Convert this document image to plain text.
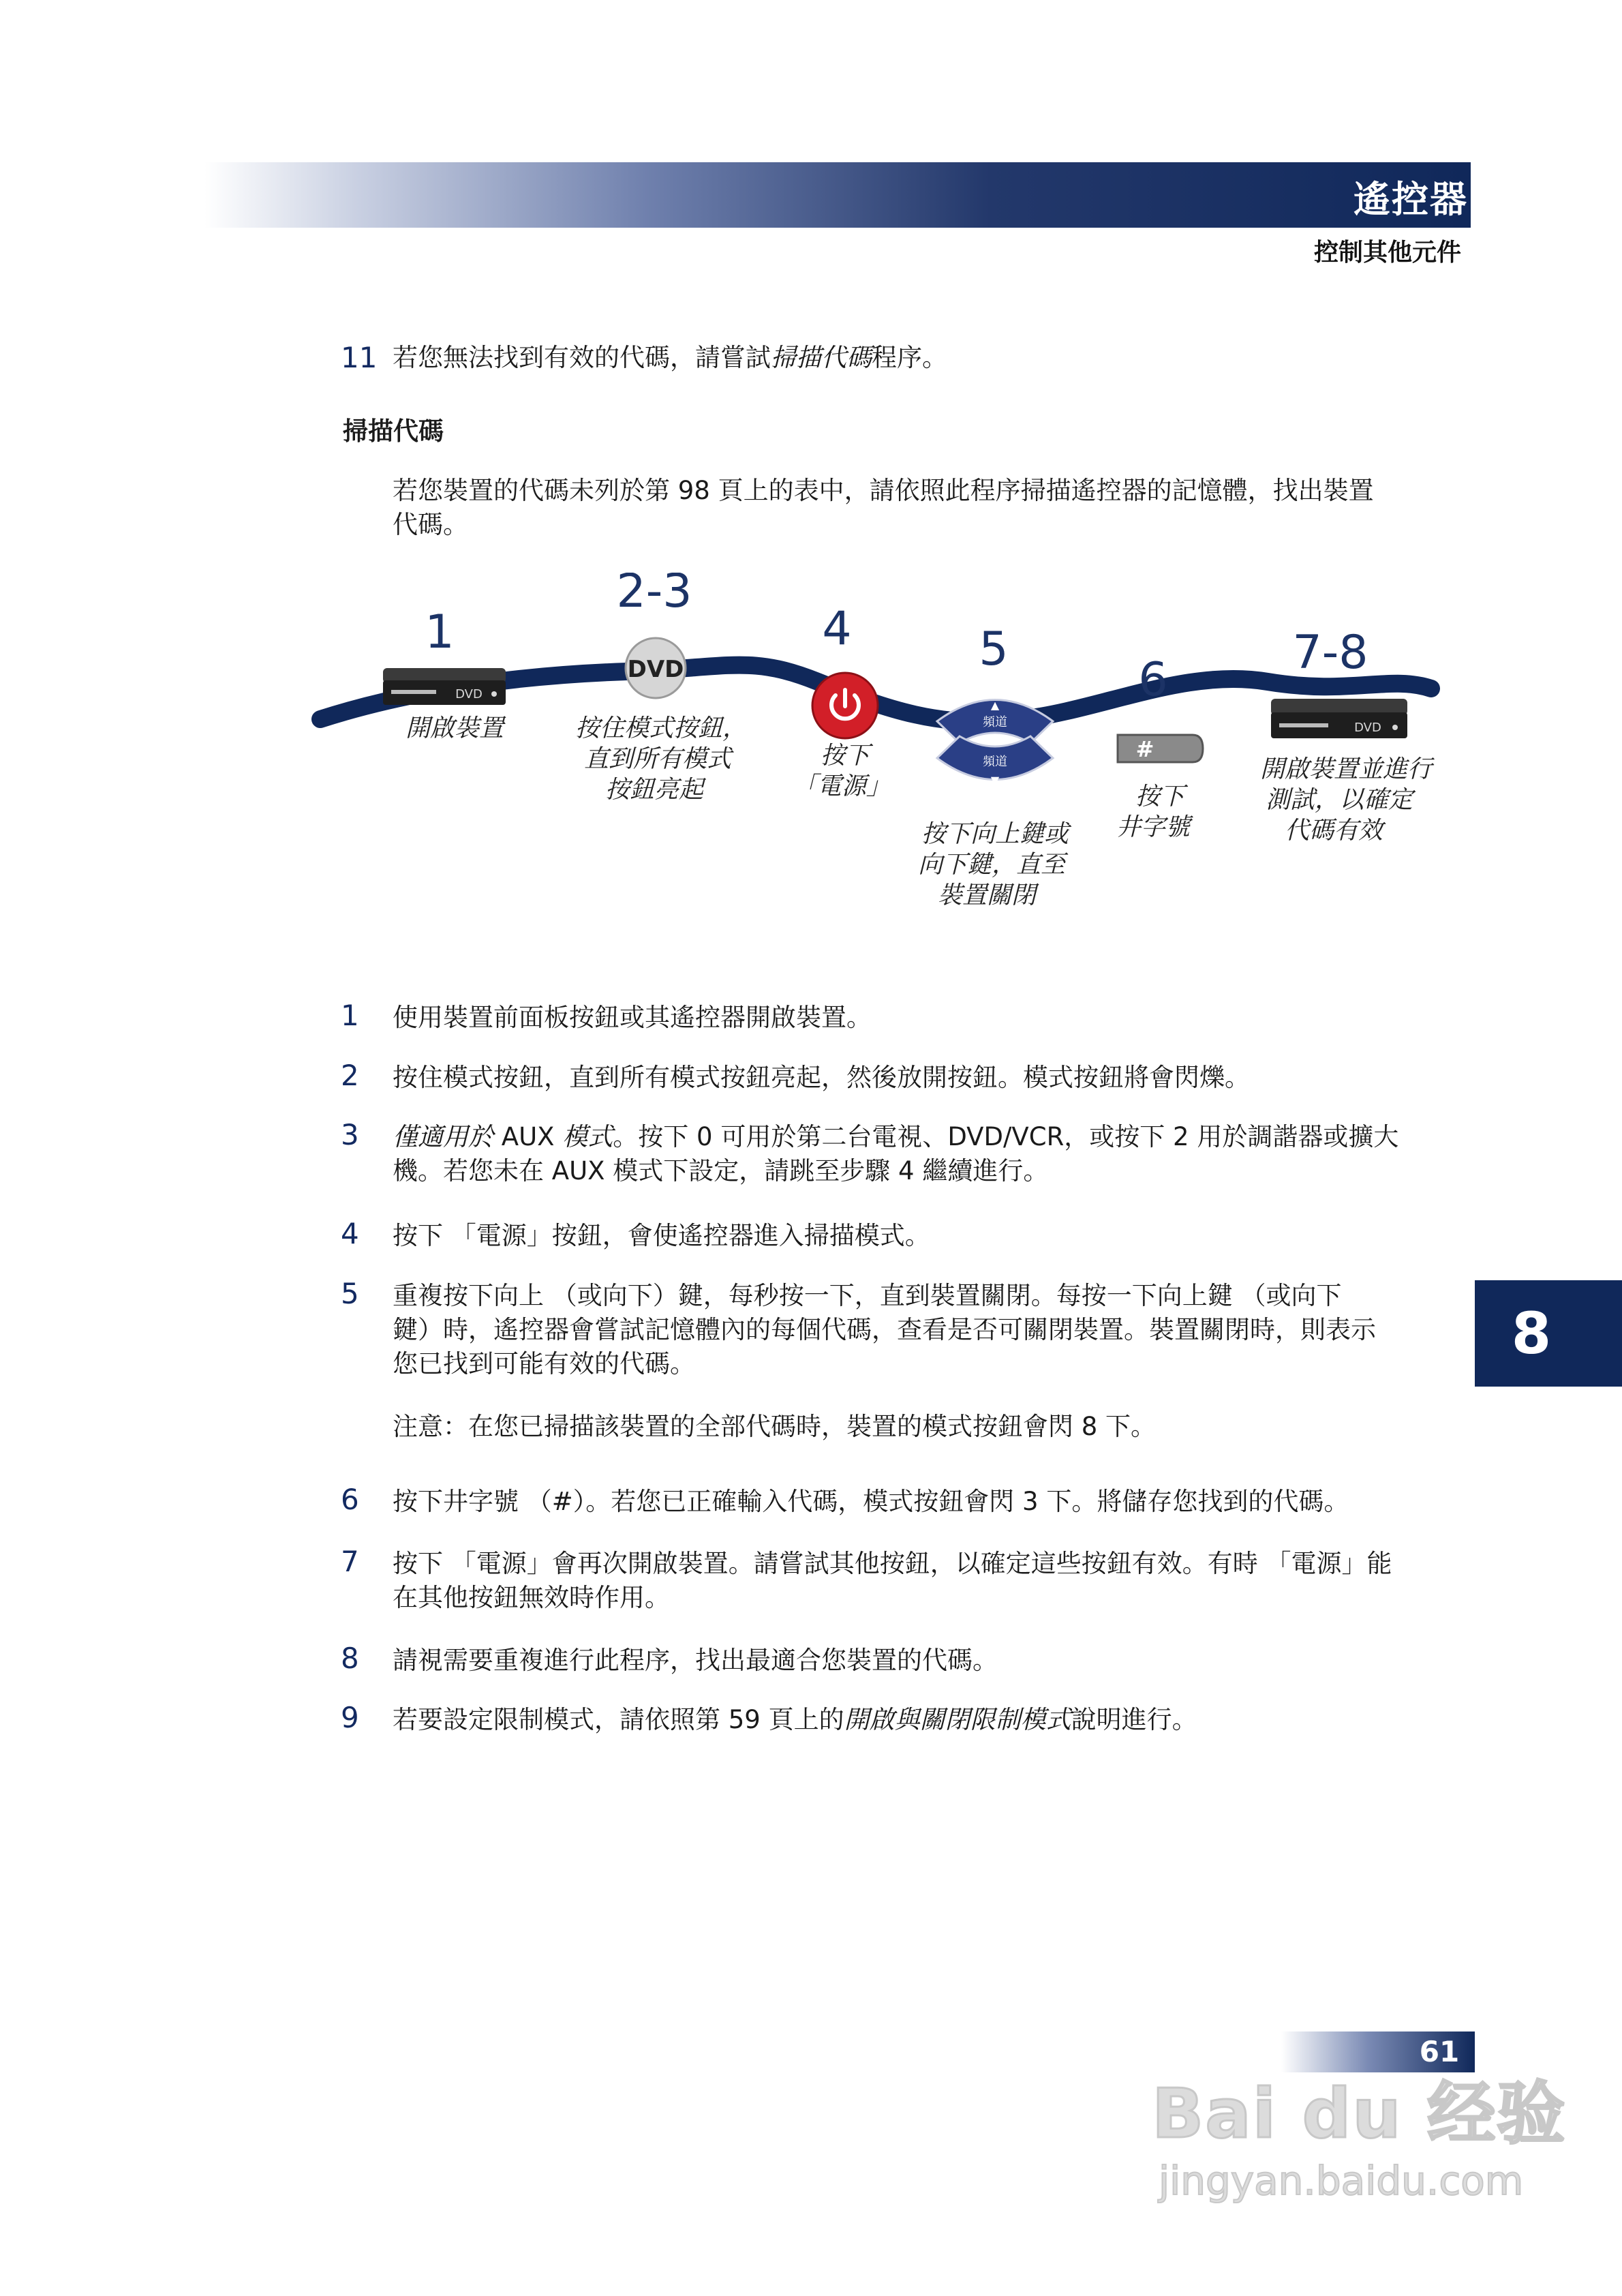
遙控器
控制其他元件
11 若您無法找到有效的代碼，請嘗試掃描代碼程序。
掃描代碼
若您裝置的代碼未列於第 98 頁上的表中，請依照此程序掃描遙控器的記憶體，找出裝置
代碼。
1
DVD
開啟裝置
2-3
DVD
按住模式按鈕，
直到所有模式
按鈕亮起
4
按下
「電源」
5
▲
頻道
頻道
▼
按下向上鍵或
向下鍵，直至
裝置關閉
6
#
按下
井字號
7-8
DVD
開啟裝置並進行
測試，以確定
代碼有效
1 使用裝置前面板按鈕或其遙控器開啟裝置。
2 按住模式按鈕，直到所有模式按鈕亮起，然後放開按鈕。模式按鈕將會閃爍。
3 僅適用於 AUX 模式。按下 0 可用於第二台電視、DVD/VCR，或按下 2 用於調諧器或擴大
機。若您未在 AUX 模式下設定，請跳至步驟 4 繼續進行。
4 按下 「電源」按鈕，會使遙控器進入掃描模式。
5 重複按下向上 （或向下）鍵，每秒按一下，直到裝置關閉。每按一下向上鍵 （或向下
鍵）時，遙控器會嘗試記憶體內的每個代碼，查看是否可關閉裝置。裝置關閉時，則表示
您已找到可能有效的代碼。
注意：在您已掃描該裝置的全部代碼時，裝置的模式按鈕會閃 8 下。
6 按下井字號 （#）。若您已正確輸入代碼，模式按鈕會閃 3 下。將儲存您找到的代碼。
7 按下 「電源」會再次開啟裝置。請嘗試其他按鈕，以確定這些按鈕有效。有時 「電源」能
在其他按鈕無效時作用。
8 請視需要重複進行此程序，找出最適合您裝置的代碼。
9 若要設定限制模式，請依照第 59 頁上的開啟與關閉限制模式說明進行。
8
61
Bai du 经验
jingyan.baidu.com
